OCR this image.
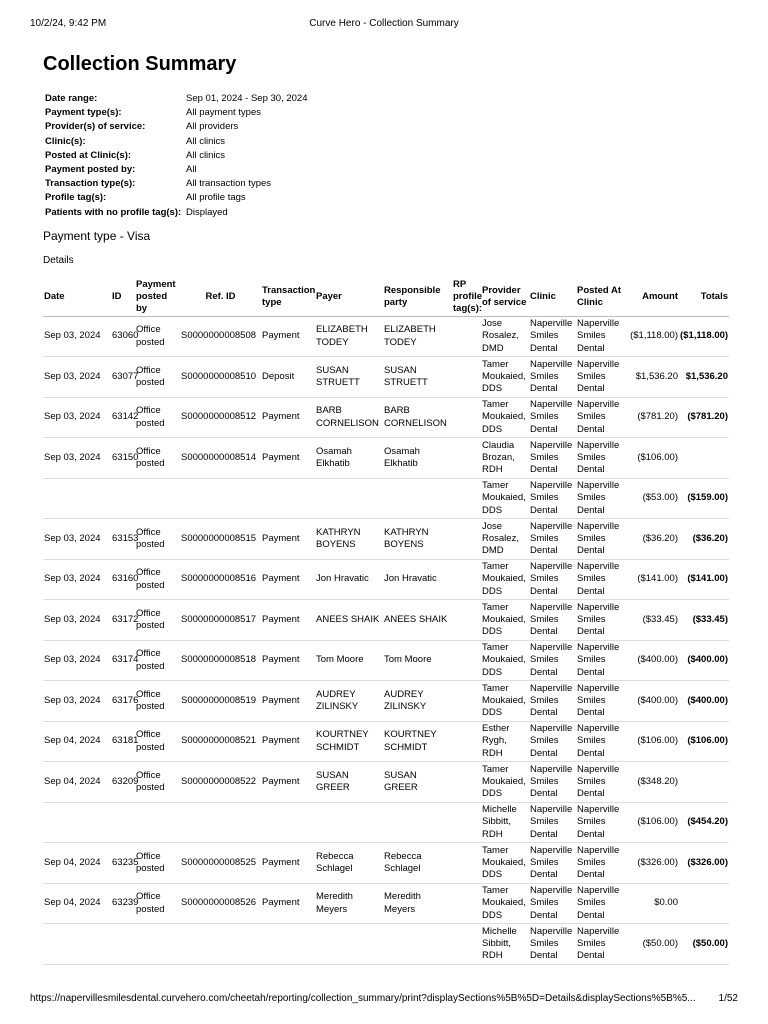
10/2/24, 9:42 PM	Curve Hero - Collection Summary
Collection Summary
Date range:	Sep 01, 2024 - Sep 30, 2024
Payment type(s):	All payment types
Provider(s) of service:	All providers
Clinic(s):	All clinics
Posted at Clinic(s):	All clinics
Payment posted by:	All
Transaction type(s):	All transaction types
Profile tag(s):	All profile tags
Patients with no profile tag(s):	Displayed
Payment type - Visa
Details
Date	ID	Payment posted by	Ref. ID	Transaction type	Payer	Responsible party	RP profile tag(s):	Provider of service	Clinic	Posted At Clinic	Amount	Totals
Sep 03, 2024	63060	Office posted	S0000000008508	Payment	ELIZABETH TODEY	ELIZABETH TODEY		Jose Rosalez, DMD	Naperville Smiles Dental	Naperville Smiles Dental	($1,118.00)	($1,118.00)
Sep 03, 2024	63077	Office posted	S0000000008510	Deposit	SUSAN STRUETT	SUSAN STRUETT		Tamer Moukaied, DDS	Naperville Smiles Dental	Naperville Smiles Dental	$1,536.20	$1,536.20
Sep 03, 2024	63142	Office posted	S0000000008512	Payment	BARB CORNELISON	BARB CORNELISON		Tamer Moukaied, DDS	Naperville Smiles Dental	Naperville Smiles Dental	($781.20)	($781.20)
Sep 03, 2024	63150	Office posted	S0000000008514	Payment	Osamah Elkhatib	Osamah Elkhatib		Claudia Brozan, RDH	Naperville Smiles Dental	Naperville Smiles Dental	($106.00)	
								Tamer Moukaied, DDS	Naperville Smiles Dental	Naperville Smiles Dental	($53.00)	($159.00)
Sep 03, 2024	63153	Office posted	S0000000008515	Payment	KATHRYN BOYENS	KATHRYN BOYENS		Jose Rosalez, DMD	Naperville Smiles Dental	Naperville Smiles Dental	($36.20)	($36.20)
Sep 03, 2024	63160	Office posted	S0000000008516	Payment	Jon Hravatic	Jon Hravatic		Tamer Moukaied, DDS	Naperville Smiles Dental	Naperville Smiles Dental	($141.00)	($141.00)
Sep 03, 2024	63172	Office posted	S0000000008517	Payment	ANEES SHAIK	ANEES SHAIK		Tamer Moukaied, DDS	Naperville Smiles Dental	Naperville Smiles Dental	($33.45)	($33.45)
Sep 03, 2024	63174	Office posted	S0000000008518	Payment	Tom Moore	Tom Moore		Tamer Moukaied, DDS	Naperville Smiles Dental	Naperville Smiles Dental	($400.00)	($400.00)
Sep 03, 2024	63176	Office posted	S0000000008519	Payment	AUDREY ZILINSKY	AUDREY ZILINSKY		Tamer Moukaied, DDS	Naperville Smiles Dental	Naperville Smiles Dental	($400.00)	($400.00)
Sep 04, 2024	63181	Office posted	S0000000008521	Payment	KOURTNEY SCHMIDT	KOURTNEY SCHMIDT		Esther Rygh, RDH	Naperville Smiles Dental	Naperville Smiles Dental	($106.00)	($106.00)
Sep 04, 2024	63209	Office posted	S0000000008522	Payment	SUSAN GREER	SUSAN GREER		Tamer Moukaied, DDS	Naperville Smiles Dental	Naperville Smiles Dental	($348.20)	
								Michelle Sibbitt, RDH	Naperville Smiles Dental	Naperville Smiles Dental	($106.00)	($454.20)
Sep 04, 2024	63235	Office posted	S0000000008525	Payment	Rebecca Schlagel	Rebecca Schlagel		Tamer Moukaied, DDS	Naperville Smiles Dental	Naperville Smiles Dental	($326.00)	($326.00)
Sep 04, 2024	63239	Office posted	S0000000008526	Payment	Meredith Meyers	Meredith Meyers		Tamer Moukaied, DDS	Naperville Smiles Dental	Naperville Smiles Dental	$0.00	
								Michelle Sibbitt, RDH	Naperville Smiles Dental	Naperville Smiles Dental	($50.00)	($50.00)
https://napervillesmilesdental.curvehero.com/cheetah/reporting/collection_summary/print?displaySections%5B%5D=Details&displaySections%5B%5... 1/52
